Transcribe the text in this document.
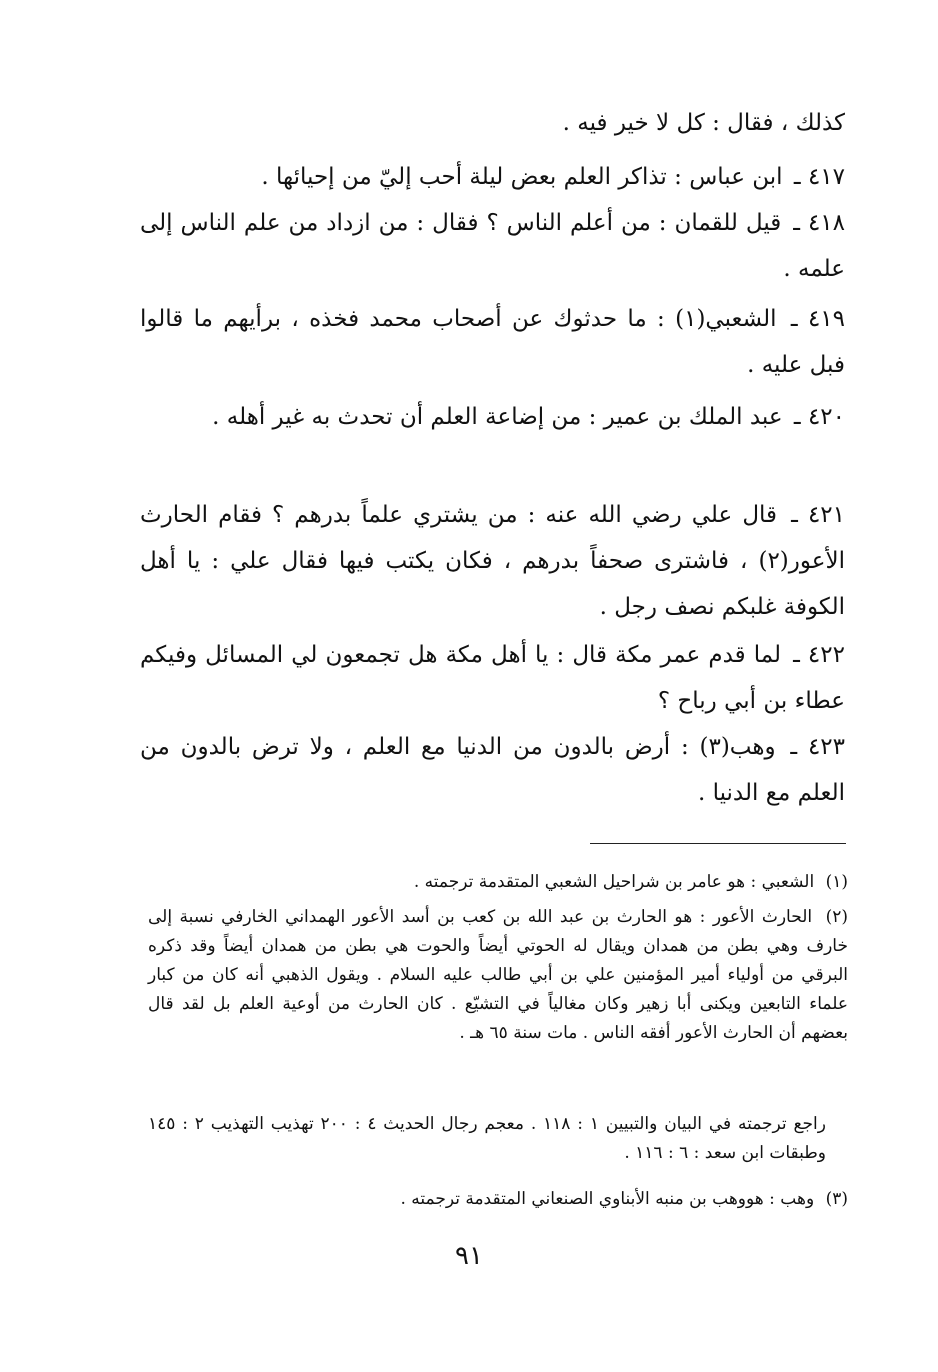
كذلك ، فقال : كل لا خير فيه .

٤١٧ ـ ابن عباس : تذاكر العلم بعض ليلة أحب إليّ من إحيائها .

٤١٨ ـ قيل للقمان : من أعلم الناس ؟ فقال : من ازداد من علم الناس إلى علمه .

٤١٩ ـ الشعبي(١) : ما حدثوك عن أصحاب محمد فخذه ، برأيهم ما قالوا فبل عليه .

٤٢٠ ـ عبد الملك بن عمير : من إضاعة العلم أن تحدث به غير أهله .

٤٢١ ـ قال علي رضي الله عنه : من يشتري علماً بدرهم ؟ فقام الحارث الأعور(٢) ، فاشترى صحفاً بدرهم ، فكان يكتب فيها فقال علي : يا أهل الكوفة غلبكم نصف رجل .

٤٢٢ ـ لما قدم عمر مكة قال : يا أهل مكة هل تجمعون لي المسائل وفيكم عطاء بن أبي رباح ؟

٤٢٣ ـ وهب(٣) : أرض بالدون من الدنيا مع العلم ، ولا ترض بالدون من العلم مع الدنيا .

(١) الشعبي : هو عامر بن شراحيل الشعبي المتقدمة ترجمته .

(٢) الحارث الأعور : هو الحارث بن عبد الله بن كعب بن أسد الأعور الهمداني الخارفي نسبة إلى خارف وهي بطن من همدان ويقال له الحوتي أيضاً والحوت هي بطن من همدان أيضاً وقد ذكره البرقي من أولياء أمير المؤمنين علي بن أبي طالب عليه السلام . ويقول الذهبي أنه كان من كبار علماء التابعين ويكنى أبا زهير وكان مغالياً في التشيّع . كان الحارث من أوعية العلم بل لقد قال بعضهم أن الحارث الأعور أفقه الناس . مات سنة ٦٥ هـ .

راجع ترجمته في البيان والتبيين ١ : ١١٨ . معجم رجال الحديث ٤ : ٢٠٠ تهذيب التهذيب ٢ : ١٤٥ وطبقات ابن سعد : ٦ : ١١٦ .

(٣) وهب : هووهب بن منبه الأبناوي الصنعاني المتقدمة ترجمته .

٩١
